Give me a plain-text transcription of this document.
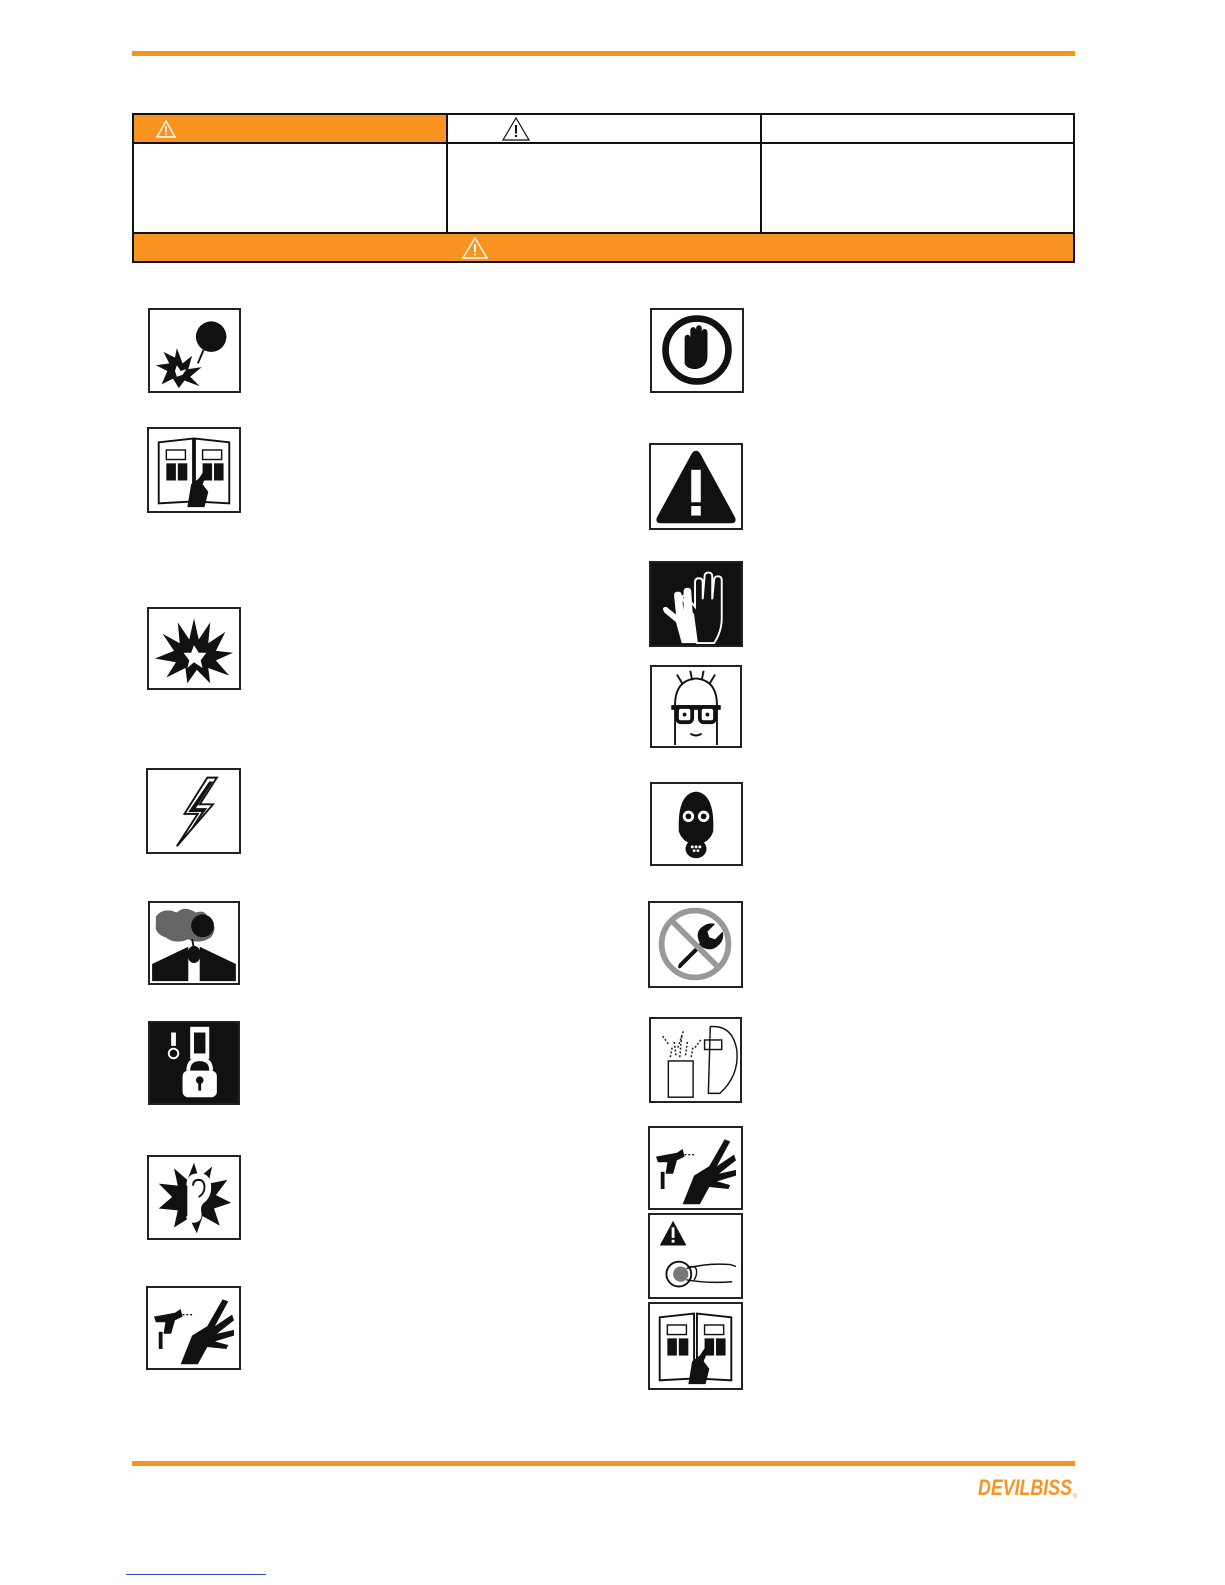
DEVILBISS ®
